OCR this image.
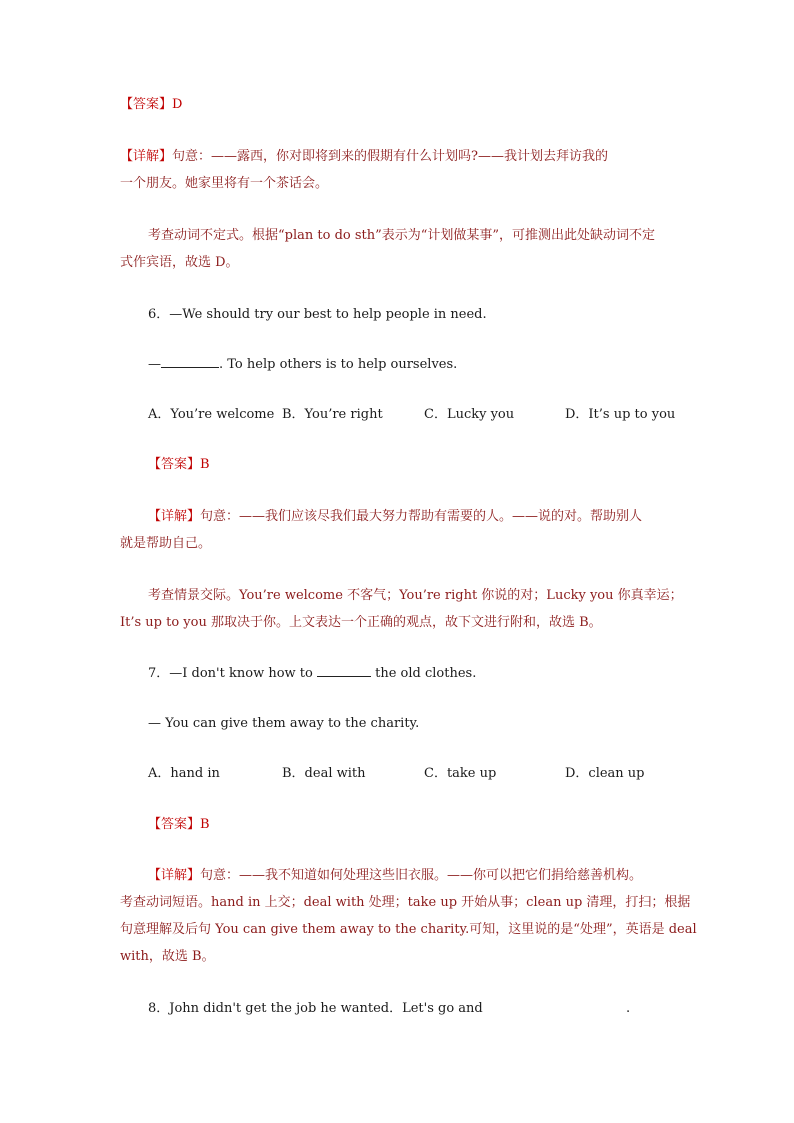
【答案】D
【详解】句意：——露西，你对即将到来的假期有什么计划吗?——我计划去拜访我的
一个朋友。她家里将有一个茶话会。
考查动词不定式。根据“plan to do sth”表示为“计划做某事”，可推测出此处缺动词不定
式作宾语，故选 D。
6．—We should try our best to help people in need.
—	. To help others is to help ourselves.
A．You’re welcome B．You’re right	C．Lucky you	D．It’s up to you
【答案】B
【详解】句意：——我们应该尽我们最大努力帮助有需要的人。——说的对。帮助别人
就是帮助自己。
考查情景交际。You’re welcome 不客气；You’re right 你说的对；Lucky you 你真幸运；
It’s up to you 那取决于你。上文表达一个正确的观点，故下文进行附和，故选 B。
7．—I don't know how to	the old clothes.
— You can give them away to the charity.
A．hand in	B．deal with	C．take up	D．clean up
【答案】B
【详解】句意：——我不知道如何处理这些旧衣服。——你可以把它们捐给慈善机构。
考查动词短语。hand in 上交；deal with 处理；take up 开始从事；clean up 清理，打扫；根据
句意理解及后句 You can give them away to the charity.可知，这里说的是“处理”，英语是 deal
with，故选 B。
8．John didn't get the job he wanted．Let's go and	.
